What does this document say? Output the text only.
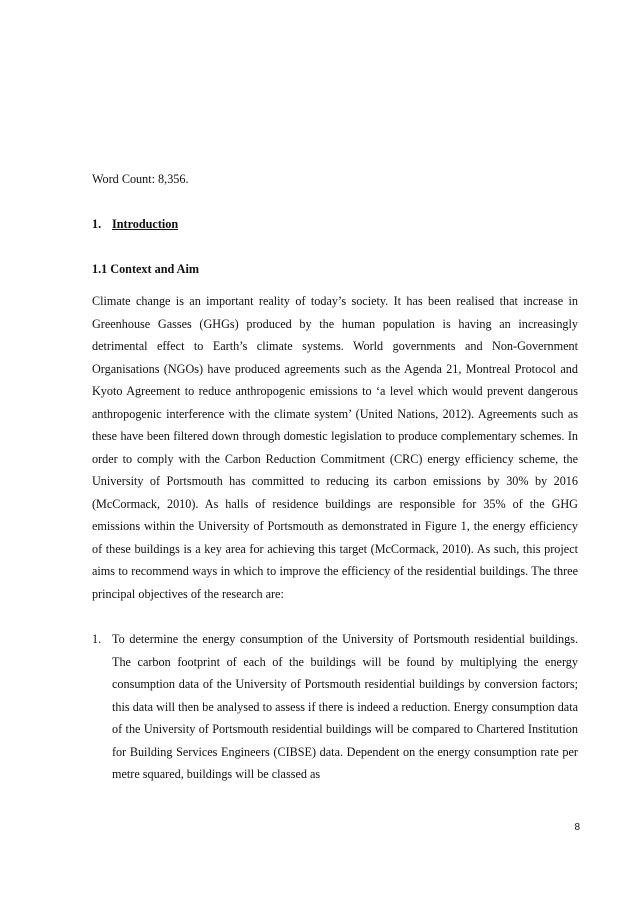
Word Count: 8,356.
1. Introduction
1.1 Context and Aim
Climate change is an important reality of today’s society. It has been realised that increase in Greenhouse Gasses (GHGs) produced by the human population is having an increasingly detrimental effect to Earth’s climate systems. World governments and Non-Government Organisations (NGOs) have produced agreements such as the Agenda 21, Montreal Protocol and Kyoto Agreement to reduce anthropogenic emissions to ‘a level which would prevent dangerous anthropogenic interference with the climate system’ (United Nations, 2012). Agreements such as these have been filtered down through domestic legislation to produce complementary schemes. In order to comply with the Carbon Reduction Commitment (CRC) energy efficiency scheme, the University of Portsmouth has committed to reducing its carbon emissions by 30% by 2016 (McCormack, 2010). As halls of residence buildings are responsible for 35% of the GHG emissions within the University of Portsmouth as demonstrated in Figure 1, the energy efficiency of these buildings is a key area for achieving this target (McCormack, 2010). As such, this project aims to recommend ways in which to improve the efficiency of the residential buildings. The three principal objectives of the research are:
1. To determine the energy consumption of the University of Portsmouth residential buildings. The carbon footprint of each of the buildings will be found by multiplying the energy consumption data of the University of Portsmouth residential buildings by conversion factors; this data will then be analysed to assess if there is indeed a reduction. Energy consumption data of the University of Portsmouth residential buildings will be compared to Chartered Institution for Building Services Engineers (CIBSE) data. Dependent on the energy consumption rate per metre squared, buildings will be classed as
8
